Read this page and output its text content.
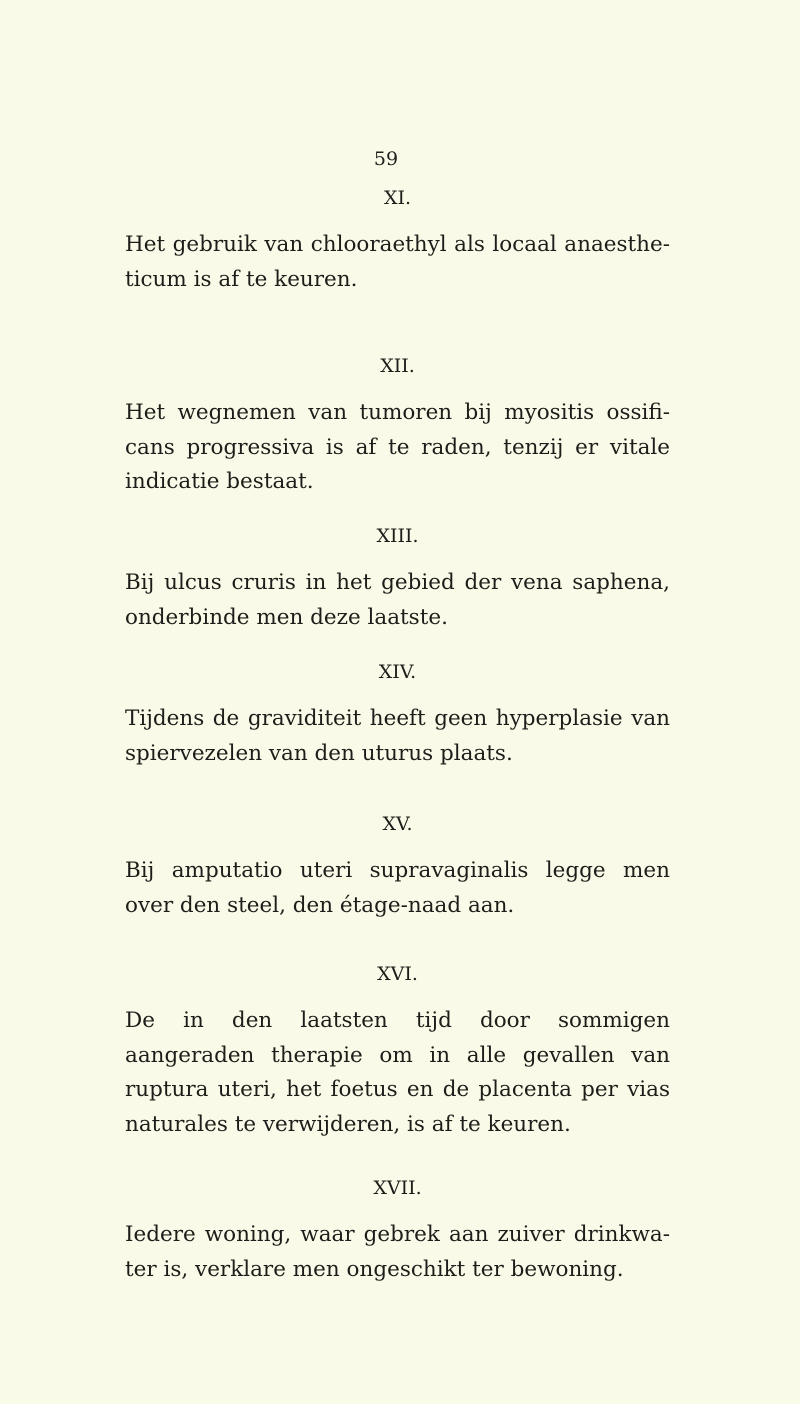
59
XI.

Het gebruik van chlooraethyl als locaal anaesthe-ticum is af te keuren.

XII.

Het wegnemen van tumoren bij myositis ossifi-cans progressiva is af te raden, tenzij er vitale indicatie bestaat.

XIII.

Bij ulcus cruris in het gebied der vena saphena, onderbinde men deze laatste.

XIV.

Tijdens de graviditeit heeft geen hyperplasie van spiervezelen van den uturus plaats.

XV.

Bij amputatio uteri supravaginalis legge men over den steel, den étage-naad aan.

XVI.

De in den laatsten tijd door sommigen aangeraden therapie om in alle gevallen van ruptura uteri, het foetus en de placenta per vias naturales te verwijderen, is af te keuren.

XVII.

Iedere woning, waar gebrek aan zuiver drinkwa-ter is, verklare men ongeschikt ter bewoning.
